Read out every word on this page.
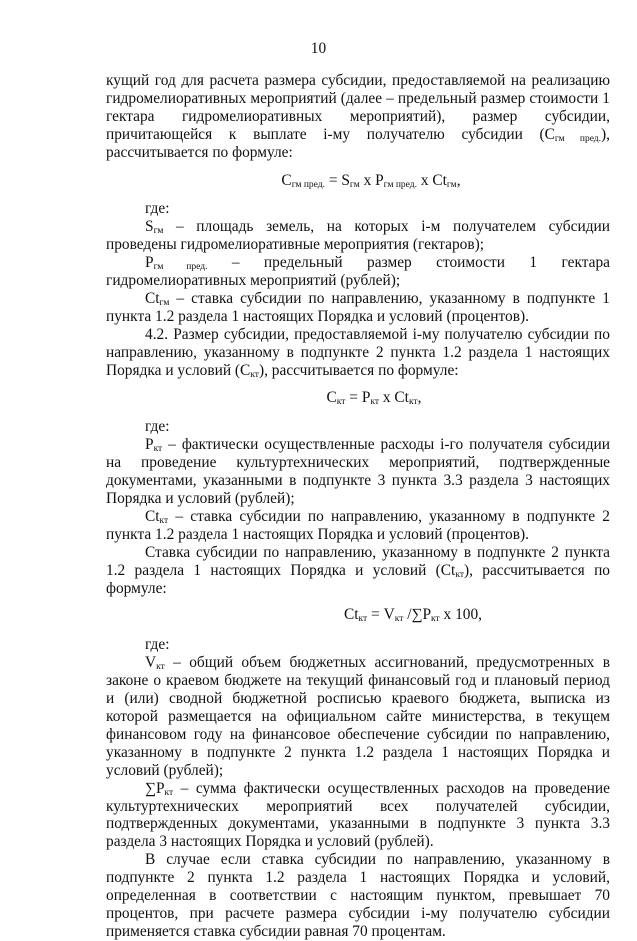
10

кущий год для расчета размера субсидии, предоставляемой на реализацию гидромелиоративных мероприятий (далее – предельный размер стоимости 1 гектара гидромелиоративных мероприятий), размер субсидии, причитающейся к выплате i-му получателю субсидии $(С_{гм пред.})$, рассчитывается по формуле:

$С_{гм пред.} = S_{гм}$ х $Р_{гм пред.}$ х $Ct_{гм}$,

где:

$S_{гм}$ – площадь земель, на которых i-м получателем субсидии проведены гидромелиоративные мероприятия (гектаров);

$Р_{гм пред.}$ – предельный размер стоимости 1 гектара гидромелиоративных мероприятий (рублей);

$Ct_{гм}$ – ставка субсидии по направлению, указанному в подпункте 1 пункта 1.2 раздела 1 настоящих Порядка и условий (процентов).

4.2. Размер субсидии, предоставляемой i-му получателю субсидии по направлению, указанному в подпункте 2 пункта 1.2 раздела 1 настоящих Порядка и условий $(С_{кт})$, рассчитывается по формуле:

$С_{кт} = Р_{кт}$ х $Ct_{кт}$,

где:

$Р_{кт}$ – фактически осуществленные расходы i-го получателя субсидии на проведение культуртехнических мероприятий, подтвержденные документами, указанными в подпункте 3 пункта 3.3 раздела 3 настоящих Порядка и условий (рублей);

$Ct_{кт}$ – ставка субсидии по направлению, указанному в подпункте 2 пункта 1.2 раздела 1 настоящих Порядка и условий (процентов).

Ставка субсидии по направлению, указанному в подпункте 2 пункта 1.2 раздела 1 настоящих Порядка и условий $(Ct_{кт})$, рассчитывается по формуле:

$Ct_{кт} = V_{кт}$ $/\sum Р_{кт}$ х 100,

где:

$V_{кт}$ – общий объем бюджетных ассигнований, предусмотренных в законе о краевом бюджете на текущий финансовый год и плановый период и (или) сводной бюджетной росписью краевого бюджета, выписка из которой размещается на официальном сайте министерства, в текущем финансовом году на финансовое обеспечение субсидии по направлению, указанному в подпункте 2 пункта 1.2 раздела 1 настоящих Порядка и условий (рублей);

$\sum Р_{кт}$ – сумма фактически осуществленных расходов на проведение культуртехнических мероприятий всех получателей субсидии, подтвержденных документами, указанными в подпункте 3 пункта 3.3 раздела 3 настоящих Порядка и условий (рублей).

В случае если ставка субсидии по направлению, указанному в подпункте 2 пункта 1.2 раздела 1 настоящих Порядка и условий, определенная в соответствии с настоящим пунктом, превышает 70 процентов, при расчете размера субсидии i-му получателю субсидии применяется ставка субсидии равная 70 процентам.
